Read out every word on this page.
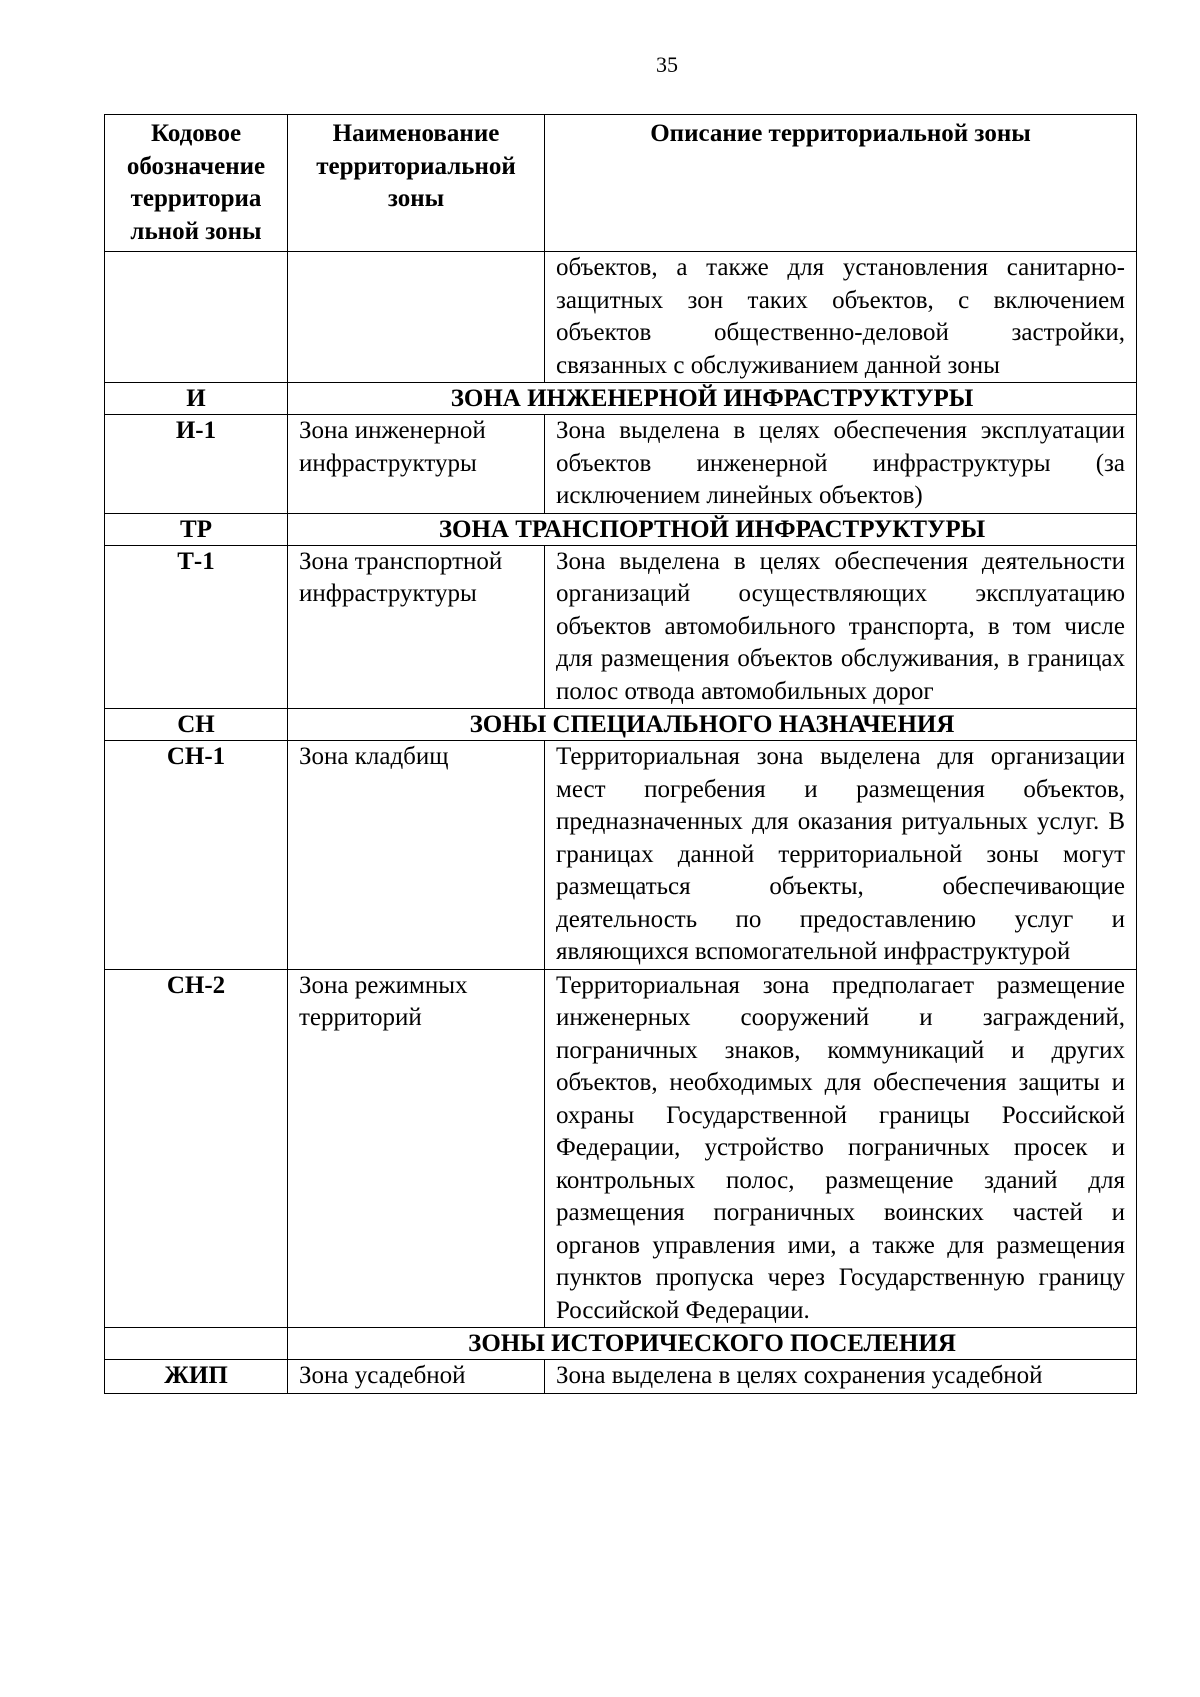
35
Кодовое обозначение территориа льной зоны	Наименование территориальной зоны	Описание территориальной зоны
		объектов, а также для установления санитарно-защитных зон таких объектов, с включением объектов общественно-деловой застройки, связанных с обслуживанием данной зоны
И	ЗОНА ИНЖЕНЕРНОЙ ИНФРАСТРУКТУРЫ	
И-1	Зона инженерной инфраструктуры	Зона выделена в целях обеспечения эксплуатации объектов инженерной инфраструктуры (за исключением линейных объектов)
ТР	ЗОНА ТРАНСПОРТНОЙ ИНФРАСТРУКТУРЫ	
Т-1	Зона транспортной инфраструктуры	Зона выделена в целях обеспечения деятельности организаций осуществляющих эксплуатацию объектов автомобильного транспорта, в том числе для размещения объектов обслуживания, в границах полос отвода автомобильных дорог
СН	ЗОНЫ СПЕЦИАЛЬНОГО НАЗНАЧЕНИЯ	
СН-1	Зона кладбищ	Территориальная зона выделена для организации мест погребения и размещения объектов, предназначенных для оказания ритуальных услуг. В границах данной территориальной зоны могут размещаться объекты, обеспечивающие деятельность по предоставлению услуг и являющихся вспомогательной инфраструктурой
СН-2	Зона режимных территорий	Территориальная зона предполагает размещение инженерных сооружений и заграждений, пограничных знаков, коммуникаций и других объектов, необходимых для обеспечения защиты и охраны Государственной границы Российской Федерации, устройство пограничных просек и контрольных полос, размещение зданий для размещения пограничных воинских частей и органов управления ими, а также для размещения пунктов пропуска через Государственную границу Российской Федерации.
	ЗОНЫ ИСТОРИЧЕСКОГО ПОСЕЛЕНИЯ	
ЖИП	Зона усадебной	Зона выделена в целях сохранения усадебной
